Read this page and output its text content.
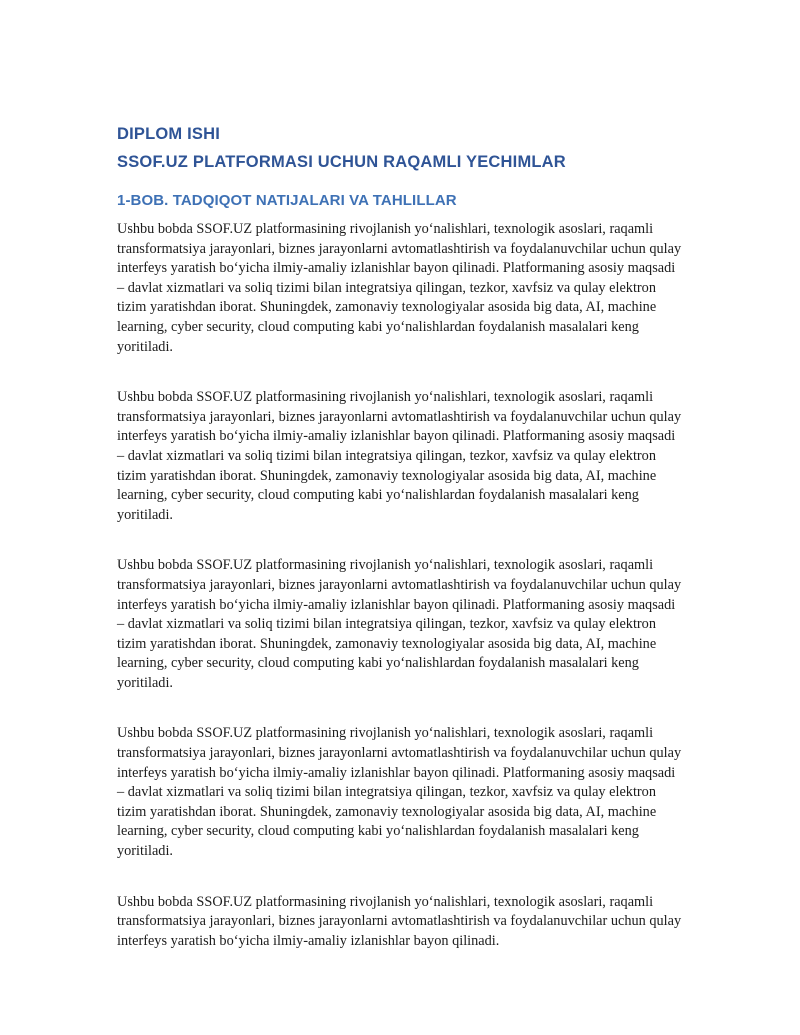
DIPLOM ISHI
SSOF.UZ PLATFORMASI UCHUN RAQAMLI YECHIMLAR
1-BOB. TADQIQOT NATIJALARI VA TAHLILLAR

Ushbu bobda SSOF.UZ platformasining rivojlanish yoʻnalishlari, texnologik asoslari, raqamli transformatsiya jarayonlari, biznes jarayonlarni avtomatlashtirish va foydalanuvchilar uchun qulay interfeys yaratish boʻyicha ilmiy-amaliy izlanishlar bayon qilinadi. Platformaning asosiy maqsadi – davlat xizmatlari va soliq tizimi bilan integratsiya qilingan, tezkor, xavfsiz va qulay elektron tizim yaratishdan iborat. Shuningdek, zamonaviy texnologiyalar asosida big data, AI, machine learning, cyber security, cloud computing kabi yoʻnalishlardan foydalanish masalalari keng yoritiladi.

Ushbu bobda SSOF.UZ platformasining rivojlanish yoʻnalishlari, texnologik asoslari, raqamli transformatsiya jarayonlari, biznes jarayonlarni avtomatlashtirish va foydalanuvchilar uchun qulay interfeys yaratish boʻyicha ilmiy-amaliy izlanishlar bayon qilinadi. Platformaning asosiy maqsadi – davlat xizmatlari va soliq tizimi bilan integratsiya qilingan, tezkor, xavfsiz va qulay elektron tizim yaratishdan iborat. Shuningdek, zamonaviy texnologiyalar asosida big data, AI, machine learning, cyber security, cloud computing kabi yoʻnalishlardan foydalanish masalalari keng yoritiladi.

Ushbu bobda SSOF.UZ platformasining rivojlanish yoʻnalishlari, texnologik asoslari, raqamli transformatsiya jarayonlari, biznes jarayonlarni avtomatlashtirish va foydalanuvchilar uchun qulay interfeys yaratish boʻyicha ilmiy-amaliy izlanishlar bayon qilinadi. Platformaning asosiy maqsadi – davlat xizmatlari va soliq tizimi bilan integratsiya qilingan, tezkor, xavfsiz va qulay elektron tizim yaratishdan iborat. Shuningdek, zamonaviy texnologiyalar asosida big data, AI, machine learning, cyber security, cloud computing kabi yoʻnalishlardan foydalanish masalalari keng yoritiladi.

Ushbu bobda SSOF.UZ platformasining rivojlanish yoʻnalishlari, texnologik asoslari, raqamli transformatsiya jarayonlari, biznes jarayonlarni avtomatlashtirish va foydalanuvchilar uchun qulay interfeys yaratish boʻyicha ilmiy-amaliy izlanishlar bayon qilinadi. Platformaning asosiy maqsadi – davlat xizmatlari va soliq tizimi bilan integratsiya qilingan, tezkor, xavfsiz va qulay elektron tizim yaratishdan iborat. Shuningdek, zamonaviy texnologiyalar asosida big data, AI, machine learning, cyber security, cloud computing kabi yoʻnalishlardan foydalanish masalalari keng yoritiladi.

Ushbu bobda SSOF.UZ platformasining rivojlanish yoʻnalishlari, texnologik asoslari, raqamli transformatsiya jarayonlari, biznes jarayonlarni avtomatlashtirish va foydalanuvchilar uchun qulay interfeys yaratish boʻyicha ilmiy-amaliy izlanishlar bayon qilinadi.
